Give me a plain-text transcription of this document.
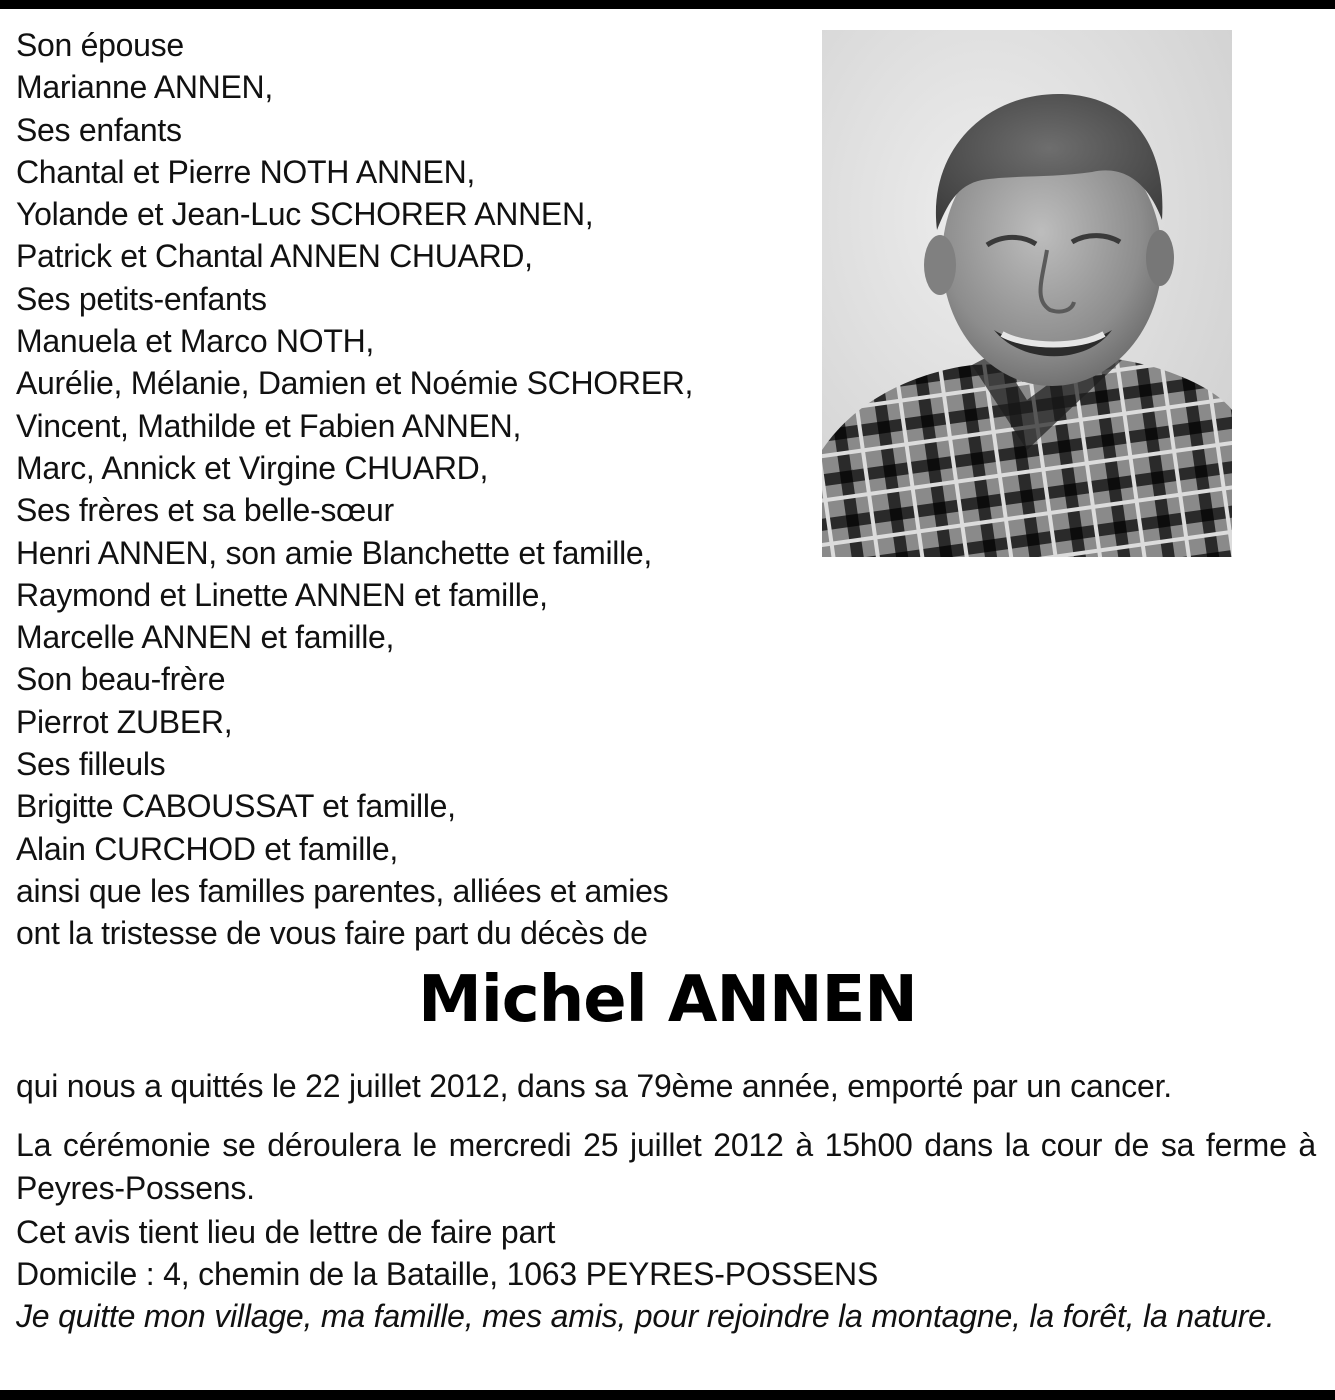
Son épouse
Marianne ANNEN,
Ses enfants
Chantal et Pierre NOTH ANNEN,
Yolande et Jean-Luc SCHORER ANNEN,
Patrick et Chantal ANNEN CHUARD,
Ses petits-enfants
Manuela et Marco NOTH,
Aurélie, Mélanie, Damien et Noémie SCHORER,
Vincent, Mathilde et Fabien ANNEN,
Marc, Annick et Virgine CHUARD,
Ses frères et sa belle-sœur
Henri ANNEN, son amie Blanchette et famille,
Raymond et Linette ANNEN et famille,
Marcelle ANNEN et famille,
Son beau-frère
Pierrot ZUBER,
Ses filleuls
Brigitte CABOUSSAT et famille,
Alain CURCHOD et famille,
ainsi que les familles parentes, alliées et amies
ont la tristesse de vous faire part du décès de
Michel ANNEN

qui nous a quittés le 22 juillet 2012, dans sa 79ème année, emporté par un cancer.

La cérémonie se déroulera le mercredi 25 juillet 2012 à 15h00 dans la cour de sa ferme à Peyres-Possens.

Cet avis tient lieu de lettre de faire part

Domicile : 4, chemin de la Bataille, 1063 PEYRES-POSSENS

Je quitte mon village, ma famille, mes amis, pour rejoindre la montagne, la forêt, la nature.
